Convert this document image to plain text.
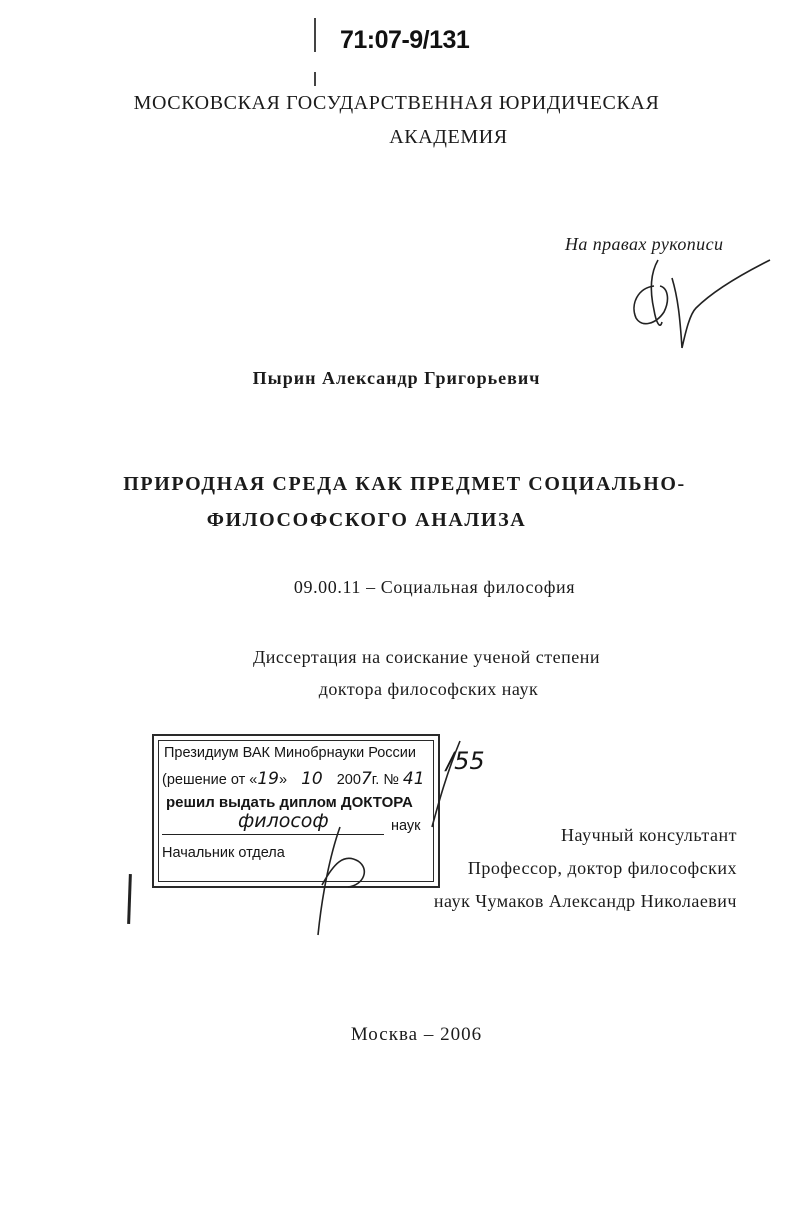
71:07-9/131
МОСКОВСКАЯ ГОСУДАРСТВЕННАЯ ЮРИДИЧЕСКАЯ
АКАДЕМИЯ
На правах рукописи
Пырин Александр Григорьевич
ПРИРОДНАЯ СРЕДА КАК ПРЕДМЕТ СОЦИАЛЬНО-
ФИЛОСОФСКОГО АНАЛИЗА
09.00.11 – Социальная философия
Диссертация на соискание ученой степени
доктора философских наук
Президиум ВАК Минобрнауки России
(решение от «19» 10 2007г. № 41
решил выдать диплом ДОКТОРА
философ	наук
Начальник отдела
/55
Научный консультант
Профессор, доктор философских
наук Чумаков Александр Николаевич
Москва – 2006
